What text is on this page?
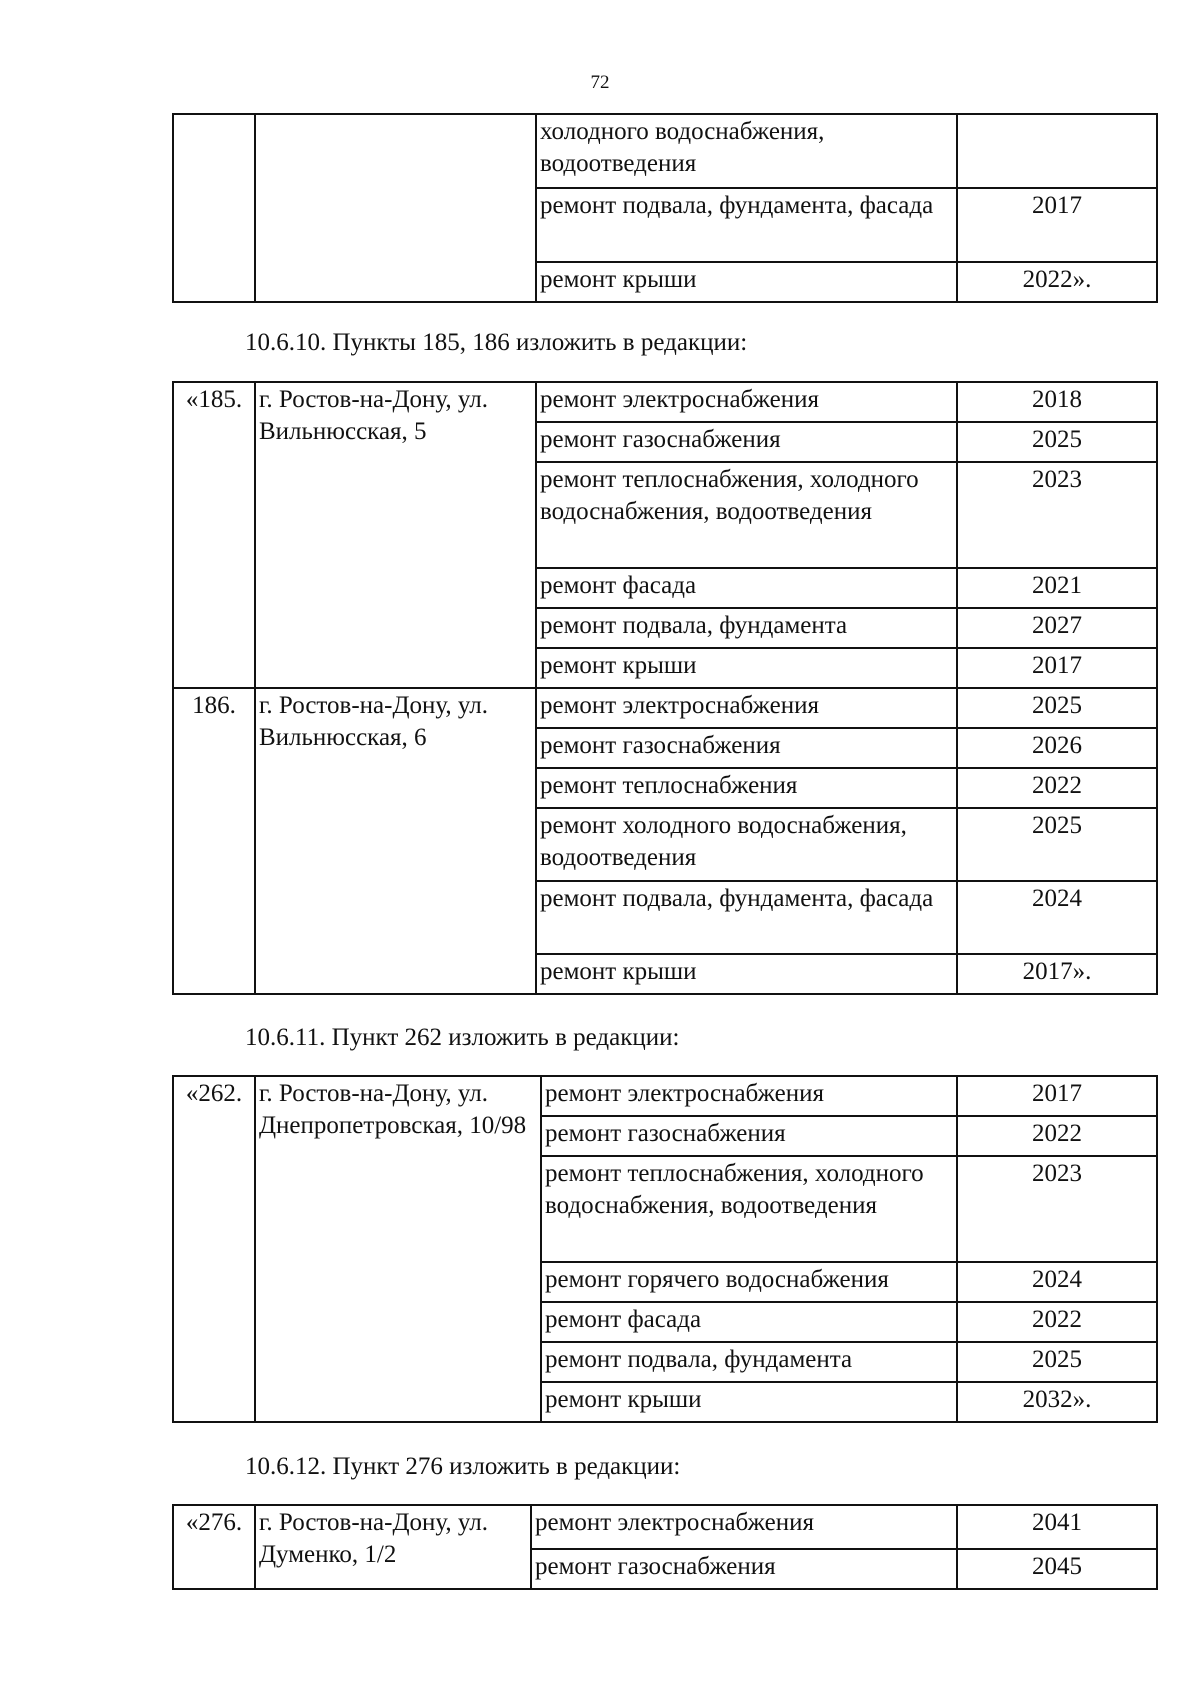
72
		холодного водоснабжения, водоотведения	
		ремонт подвала, фундамента, фасада	2017
		ремонт крыши	2022».
10.6.10. Пункты 185, 186 изложить в редакции:
«185.	г. Ростов-на-Дону, ул. Вильнюсская, 5	ремонт электроснабжения	2018
		ремонт газоснабжения	2025
		ремонт теплоснабжения, холодного водоснабжения, водоотведения	2023
		ремонт фасада	2021
		ремонт подвала, фундамента	2027
		ремонт крыши	2017
186.	г. Ростов-на-Дону, ул. Вильнюсская, 6	ремонт электроснабжения	2025
		ремонт газоснабжения	2026
		ремонт теплоснабжения	2022
		ремонт холодного водоснабжения, водоотведения	2025
		ремонт подвала, фундамента, фасада	2024
		ремонт крыши	2017».
10.6.11. Пункт 262 изложить в редакции:
«262.	г. Ростов-на-Дону, ул. Днепропетровская, 10/98	ремонт электроснабжения	2017
		ремонт газоснабжения	2022
		ремонт теплоснабжения, холодного водоснабжения, водоотведения	2023
		ремонт горячего водоснабжения	2024
		ремонт фасада	2022
		ремонт подвала, фундамента	2025
		ремонт крыши	2032».
10.6.12. Пункт 276 изложить в редакции:
«276.	г. Ростов-на-Дону, ул. Думенко, 1/2	ремонт электроснабжения	2041
		ремонт газоснабжения	2045
